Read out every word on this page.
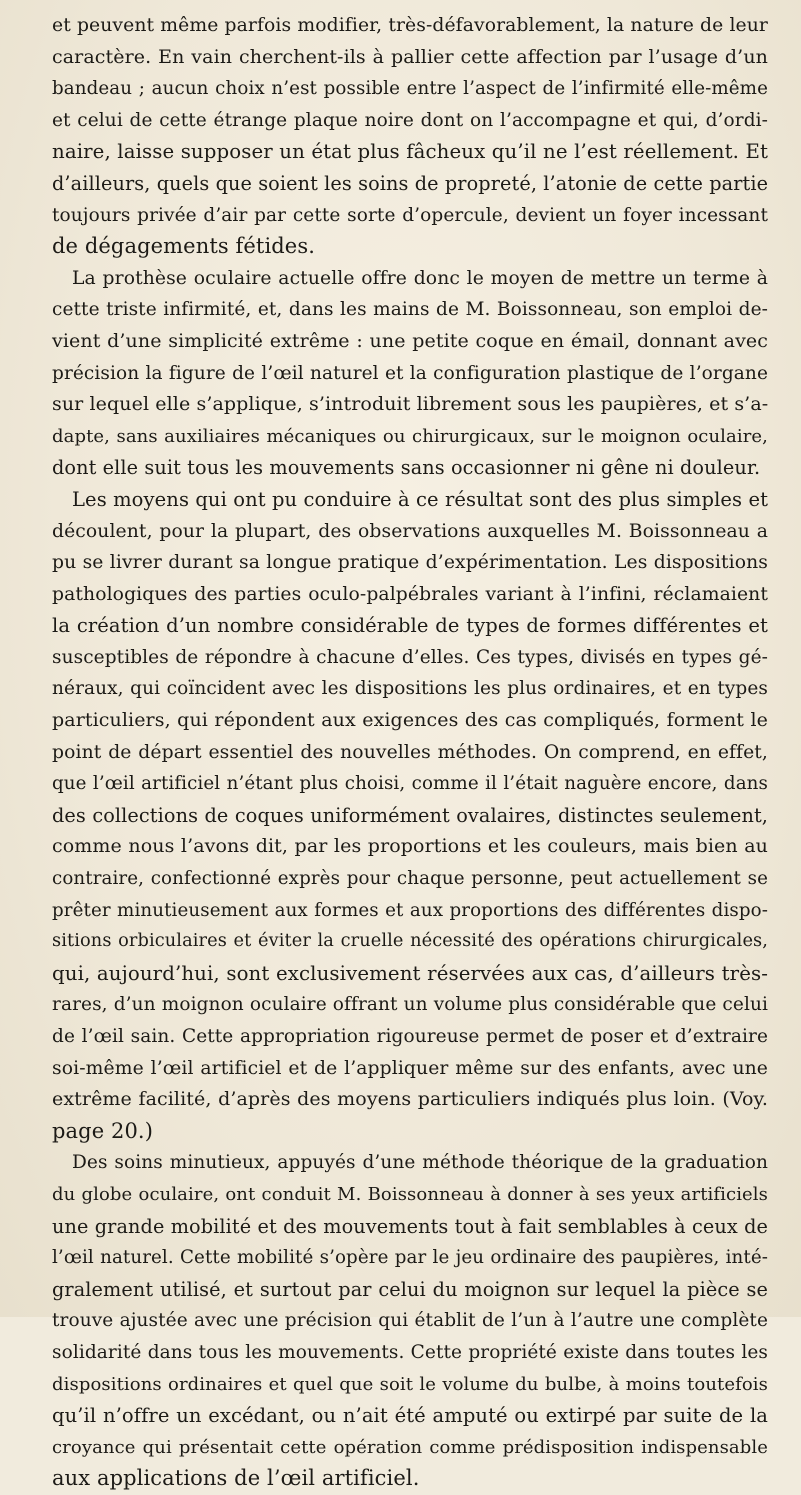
et peuvent même parfois modifier, très-défavorablement, la nature de leur
caractère. En vain cherchent-ils à pallier cette affection par l’usage d’un
bandeau ; aucun choix n’est possible entre l’aspect de l’infirmité elle-même
et celui de cette étrange plaque noire dont on l’accompagne et qui, d’ordi-
naire, laisse supposer un état plus fâcheux qu’il ne l’est réellement. Et
d’ailleurs, quels que soient les soins de propreté, l’atonie de cette partie
toujours privée d’air par cette sorte d’opercule, devient un foyer incessant
de dégagements fétides.
La prothèse oculaire actuelle offre donc le moyen de mettre un terme à
cette triste infirmité, et, dans les mains de M. Boissonneau, son emploi de-
vient d’une simplicité extrême : une petite coque en émail, donnant avec
précision la figure de l’œil naturel et la configuration plastique de l’organe
sur lequel elle s’applique, s’introduit librement sous les paupières, et s’a-
dapte, sans auxiliaires mécaniques ou chirurgicaux, sur le moignon oculaire,
dont elle suit tous les mouvements sans occasionner ni gêne ni douleur.
Les moyens qui ont pu conduire à ce résultat sont des plus simples et
découlent, pour la plupart, des observations auxquelles M. Boissonneau a
pu se livrer durant sa longue pratique d’expérimentation. Les dispositions
pathologiques des parties oculo-palpébrales variant à l’infini, réclamaient
la création d’un nombre considérable de types de formes différentes et
susceptibles de répondre à chacune d’elles. Ces types, divisés en types gé-
néraux, qui coïncident avec les dispositions les plus ordinaires, et en types
particuliers, qui répondent aux exigences des cas compliqués, forment le
point de départ essentiel des nouvelles méthodes. On comprend, en effet,
que l’œil artificiel n’étant plus choisi, comme il l’était naguère encore, dans
des collections de coques uniformément ovalaires, distinctes seulement,
comme nous l’avons dit, par les proportions et les couleurs, mais bien au
contraire, confectionné exprès pour chaque personne, peut actuellement se
prêter minutieusement aux formes et aux proportions des différentes dispo-
sitions orbiculaires et éviter la cruelle nécessité des opérations chirurgicales,
qui, aujourd’hui, sont exclusivement réservées aux cas, d’ailleurs très-
rares, d’un moignon oculaire offrant un volume plus considérable que celui
de l’œil sain. Cette appropriation rigoureuse permet de poser et d’extraire
soi-même l’œil artificiel et de l’appliquer même sur des enfants, avec une
extrême facilité, d’après des moyens particuliers indiqués plus loin. (Voy.
page 20.)
Des soins minutieux, appuyés d’une méthode théorique de la graduation
du globe oculaire, ont conduit M. Boissonneau à donner à ses yeux artificiels
une grande mobilité et des mouvements tout à fait semblables à ceux de
l’œil naturel. Cette mobilité s’opère par le jeu ordinaire des paupières, inté-
gralement utilisé, et surtout par celui du moignon sur lequel la pièce se
trouve ajustée avec une précision qui établit de l’un à l’autre une complète
solidarité dans tous les mouvements. Cette propriété existe dans toutes les
dispositions ordinaires et quel que soit le volume du bulbe, à moins toutefois
qu’il n’offre un excédant, ou n’ait été amputé ou extirpé par suite de la
croyance qui présentait cette opération comme prédisposition indispensable
aux applications de l’œil artificiel.
